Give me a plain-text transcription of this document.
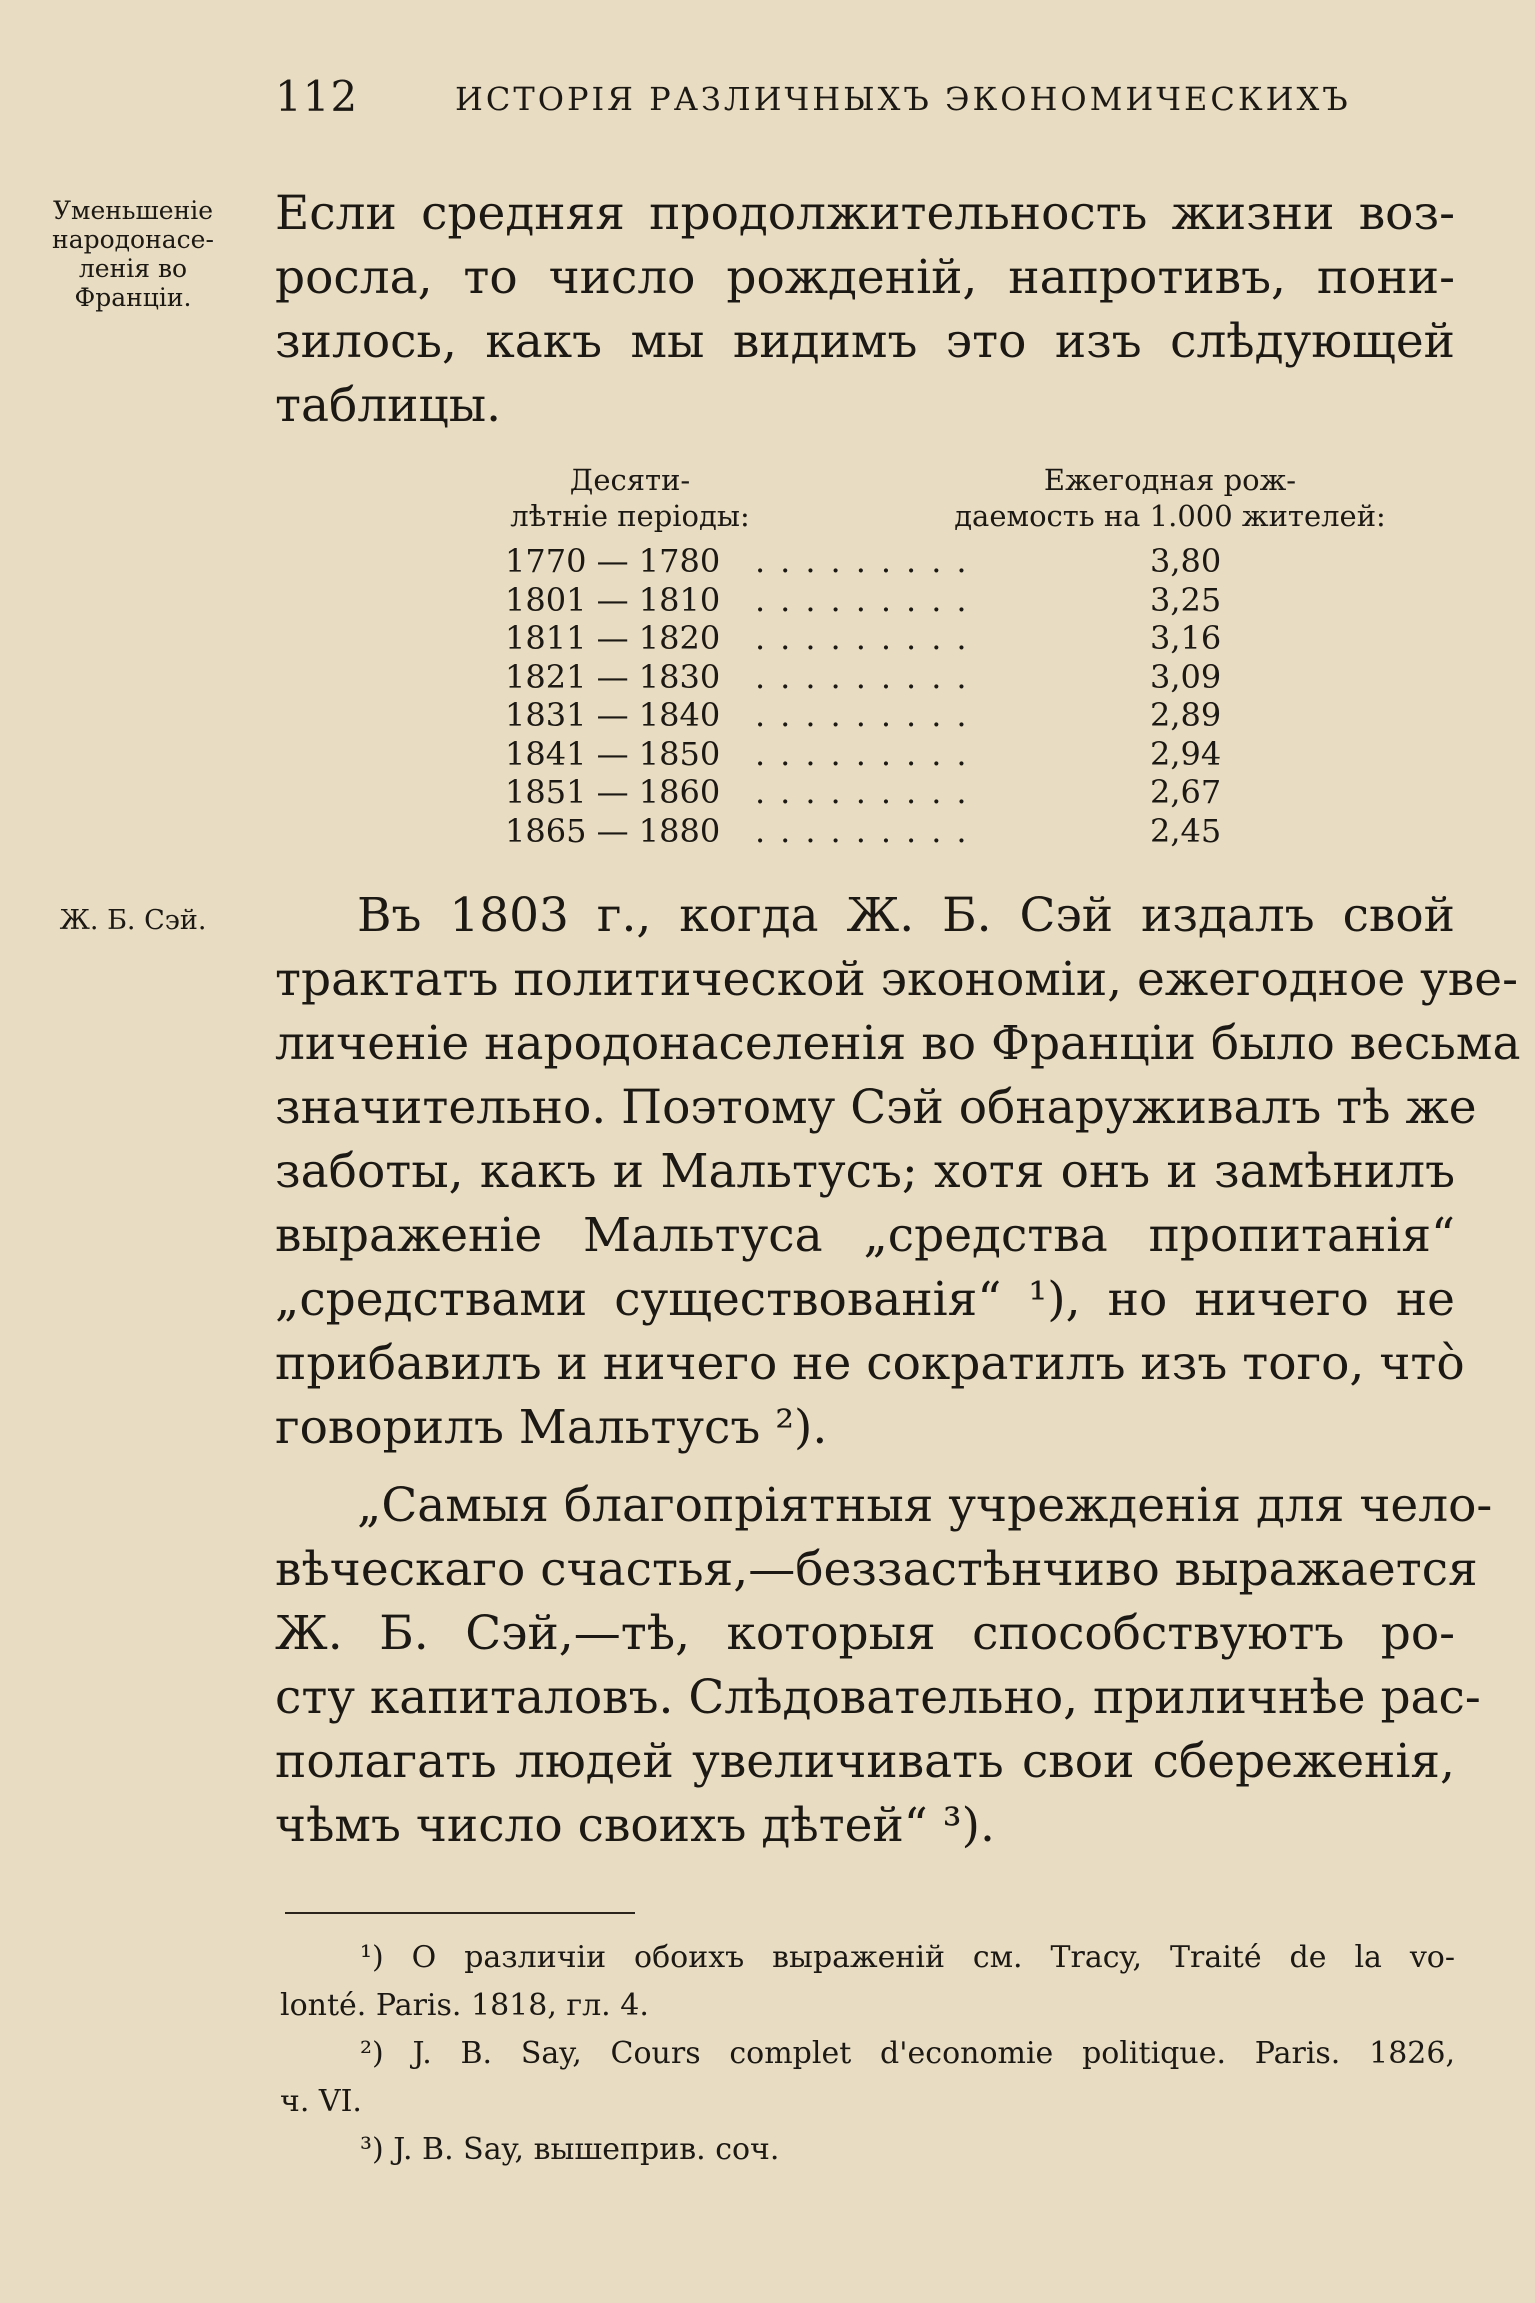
112	ИСТОРІЯ РАЗЛИЧНЫХЪ ЭКОНОМИЧЕСКИХЪ
Уменьшеніе
народонасе-
ленія во
Франціи.

Если средняя продолжительность жизни воз-
росла, то число рожденій, напротивъ, пони-
зилось, какъ мы видимъ это изъ слѣдующей
таблицы.

Десяти-
лѣтніе періоды:
Ежегодная рож-
даемость на 1.000 жителей:
1770 — 1780 .........	3,80
1801 — 1810 .........	3,25
1811 — 1820 .........	3,16
1821 — 1830 .........	3,09
1831 — 1840 .........	2,89
1841 — 1850 .........	2,94
1851 — 1860 .........	2,67
1865 — 1880 .........	2,45
Ж. Б. Сэй.	Въ 1803 г., когда Ж. Б. Сэй издалъ свой
трактатъ политической экономіи, ежегодное уве-
личеніе народонаселенія во Франціи было весьма
значительно. Поэтому Сэй обнаруживалъ тѣ же
заботы, какъ и Мальтусъ; хотя онъ и замѣнилъ
выраженіе Мальтуса „средства пропитанія“
„средствами существованія“ ¹), но ничего не
прибавилъ и ничего не сократилъ изъ того, что̀
говорилъ Мальтусъ ²).

„Самыя благопріятныя учрежденія для чело-
вѣческаго счастья,—беззастѣнчиво выражается
Ж. Б. Сэй,—тѣ, которыя способствуютъ ро-
сту капиталовъ. Слѣдовательно, приличнѣе рас-
полагать людей увеличивать свои сбереженія,
чѣмъ число своихъ дѣтей“ ³).

¹) О различіи обоихъ выраженій см. Tracy, Traité de la vo-
lonté. Paris. 1818, гл. 4.

²) J. B. Say, Cours complet d'economie politique. Paris. 1826,
ч. VI.

³) J. B. Say, вышеприв. соч.
